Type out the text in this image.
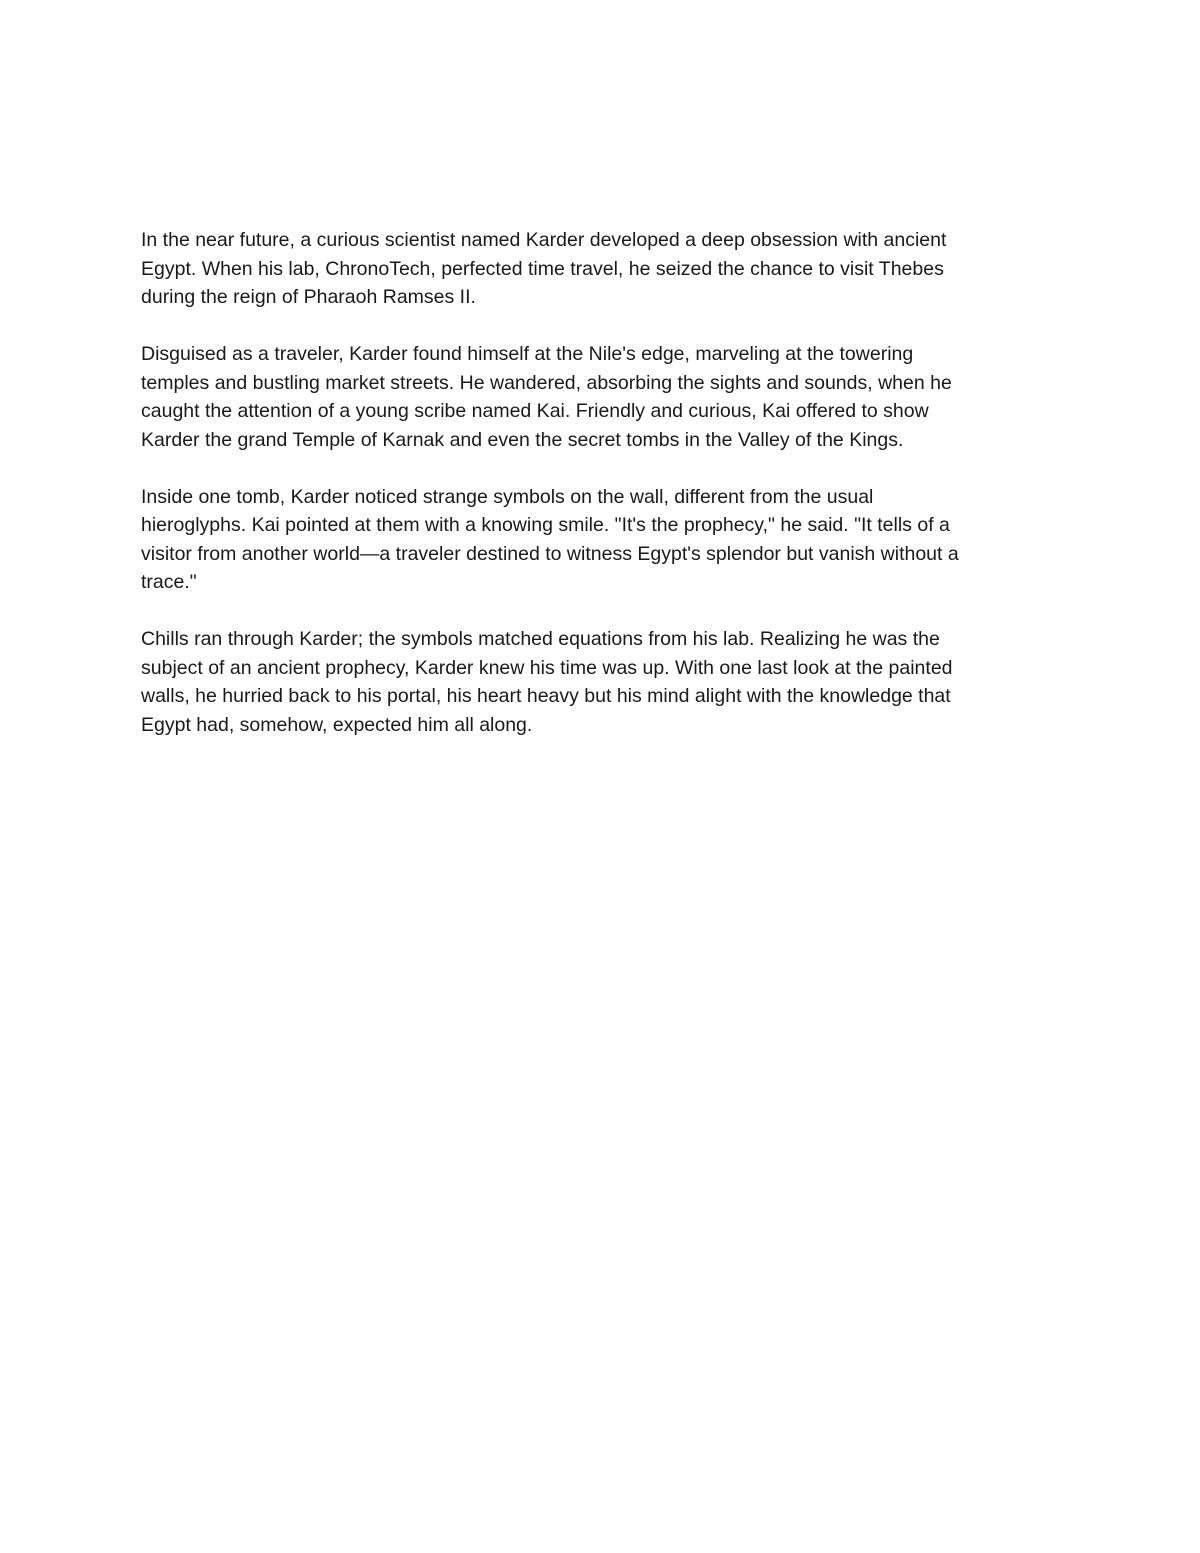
In the near future, a curious scientist named Karder developed a deep obsession with ancient
Egypt. When his lab, ChronoTech, perfected time travel, he seized the chance to visit Thebes
during the reign of Pharaoh Ramses II.

Disguised as a traveler, Karder found himself at the Nile's edge, marveling at the towering
temples and bustling market streets. He wandered, absorbing the sights and sounds, when he
caught the attention of a young scribe named Kai. Friendly and curious, Kai offered to show
Karder the grand Temple of Karnak and even the secret tombs in the Valley of the Kings.

Inside one tomb, Karder noticed strange symbols on the wall, different from the usual
hieroglyphs. Kai pointed at them with a knowing smile. "It's the prophecy," he said. "It tells of a
visitor from another world—a traveler destined to witness Egypt's splendor but vanish without a
trace."

Chills ran through Karder; the symbols matched equations from his lab. Realizing he was the
subject of an ancient prophecy, Karder knew his time was up. With one last look at the painted
walls, he hurried back to his portal, his heart heavy but his mind alight with the knowledge that
Egypt had, somehow, expected him all along.
